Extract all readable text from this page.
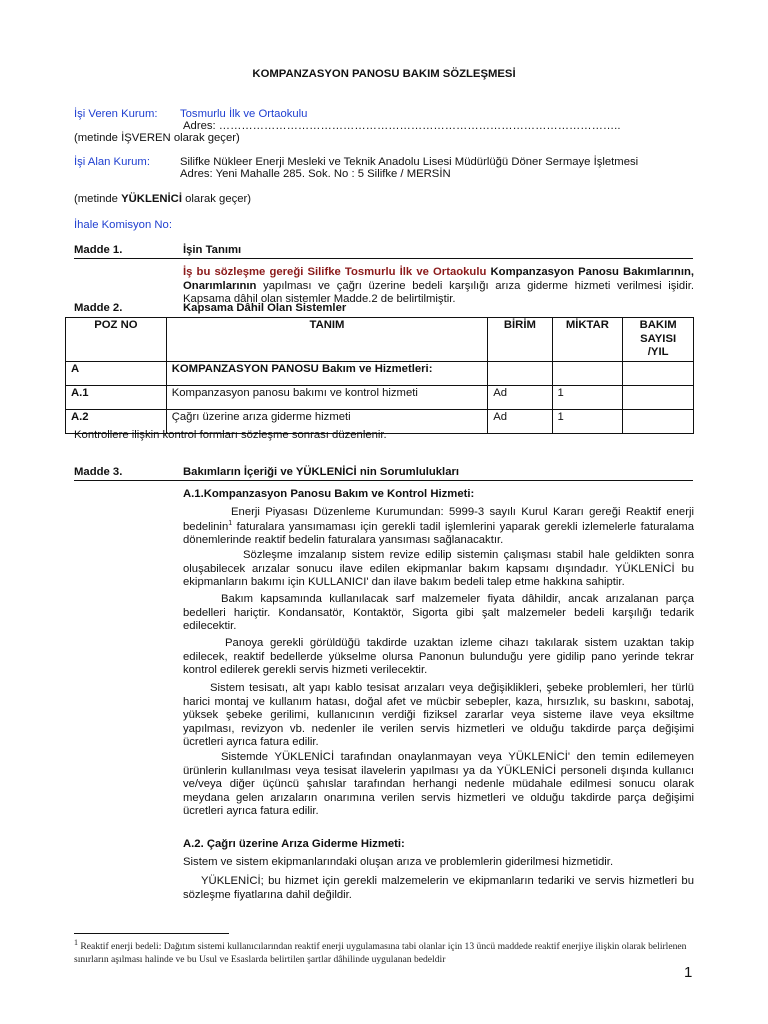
KOMPANZASYON PANOSU BAKIM SÖZLEŞMESİ
İşi Veren Kurum: Tosmurlu İlk ve Ortaokulu
Adres: ……………………………………………………………………………………………..
(metinde İŞVEREN olarak geçer)
İşi Alan Kurum:	Silifke Nükleer Enerji Mesleki ve Teknik Anadolu Lisesi Müdürlüğü Döner Sermaye İşletmesi
Adres: Yeni Mahalle 285. Sok. No : 5 Silifke / MERSİN
(metinde YÜKLENİCİ olarak geçer)
İhale Komisyon No:
Madde 1.	İşin Tanımı
İş bu sözleşme gereği Silifke Tosmurlu İlk ve Ortaokulu Kompanzasyon Panosu Bakımlarının, Onarımlarının yapılması ve çağrı üzerine bedeli karşılığı arıza giderme hizmeti verilmesi işidir. Kapsama dâhil olan sistemler Madde.2 de belirtilmiştir.
Madde 2.	Kapsama Dâhil Olan Sistemler
POZ NO	TANIM	BİRİM	MİKTAR	BAKIM SAYISI /YIL
A	KOMPANZASYON PANOSU Bakım ve Hizmetleri:			
A.1	Kompanzasyon panosu bakımı ve kontrol hizmeti	Ad	1	
A.2	Çağrı üzerine arıza giderme hizmeti	Ad	1	
Kontrollere ilişkin kontrol formları sözleşme sonrası düzenlenir.
Madde 3.	Bakımların İçeriği ve YÜKLENİCİ nin Sorumlulukları
A.1.Kompanzasyon Panosu Bakım ve Kontrol Hizmeti:
Enerji Piyasası Düzenleme Kurumundan: 5999-3 sayılı Kurul Kararı gereği Reaktif enerji bedelinin$^1$ faturalara yansımaması için gerekli tadil işlemlerini yaparak gerekli izlemelerle faturalama dönemlerinde reaktif bedelin faturalara yansıması sağlanacaktır.
Sözleşme imzalanıp sistem revize edilip sistemin çalışması stabil hale geldikten sonra oluşabilecek arızalar sonucu ilave edilen ekipmanlar bakım kapsamı dışındadır. YÜKLENİCİ bu ekipmanların bakımı için KULLANICI' dan ilave bakım bedeli talep etme hakkına sahiptir.
Bakım kapsamında kullanılacak sarf malzemeler fiyata dâhildir, ancak arızalanan parça bedelleri hariçtir. Kondansatör, Kontaktör, Sigorta gibi şalt malzemeler bedeli karşılığı tedarik edilecektir.
Panoya gerekli görüldüğü takdirde uzaktan izleme cihazı takılarak sistem uzaktan takip edilecek, reaktif bedellerde yükselme olursa Panonun bulunduğu yere gidilip pano yerinde tekrar kontrol edilerek gerekli servis hizmeti verilecektir.
Sistem tesisatı, alt yapı kablo tesisat arızaları veya değişiklikleri, şebeke problemleri, her türlü harici montaj ve kullanım hatası, doğal afet ve mücbir sebepler, kaza, hırsızlık, su baskını, sabotaj, yüksek şebeke gerilimi, kullanıcının verdiği fiziksel zararlar veya sisteme ilave veya eksiltme yapılması, revizyon vb. nedenler ile verilen servis hizmetleri ve olduğu takdirde parça değişimi ücretleri ayrıca fatura edilir.
Sistemde YÜKLENİCİ tarafından onaylanmayan veya YÜKLENİCİ' den temin edilemeyen ürünlerin kullanılması veya tesisat ilavelerin yapılması ya da YÜKLENİCİ personeli dışında kullanıcı ve/veya diğer üçüncü şahıslar tarafından herhangi nedenle müdahale edilmesi sonucu olarak meydana gelen arızaların onarımına verilen servis hizmetleri ve olduğu takdirde parça değişimi ücretleri ayrıca fatura edilir.
A.2. Çağrı üzerine Arıza Giderme Hizmeti:
Sistem ve sistem ekipmanlarındaki oluşan arıza ve problemlerin giderilmesi hizmetidir.
YÜKLENİCİ; bu hizmet için gerekli malzemelerin ve ekipmanların tedariki ve servis hizmetleri bu sözleşme fiyatlarına dahil değildir.
$^1$ Reaktif enerji bedeli: Dağıtım sistemi kullanıcılarından reaktif enerji uygulamasına tabi olanlar için 13 üncü maddede reaktif enerjiye ilişkin olarak belirlenen sınırların aşılması halinde ve bu Usul ve Esaslarda belirtilen şartlar dâhilinde uygulanan bedeldir
1
